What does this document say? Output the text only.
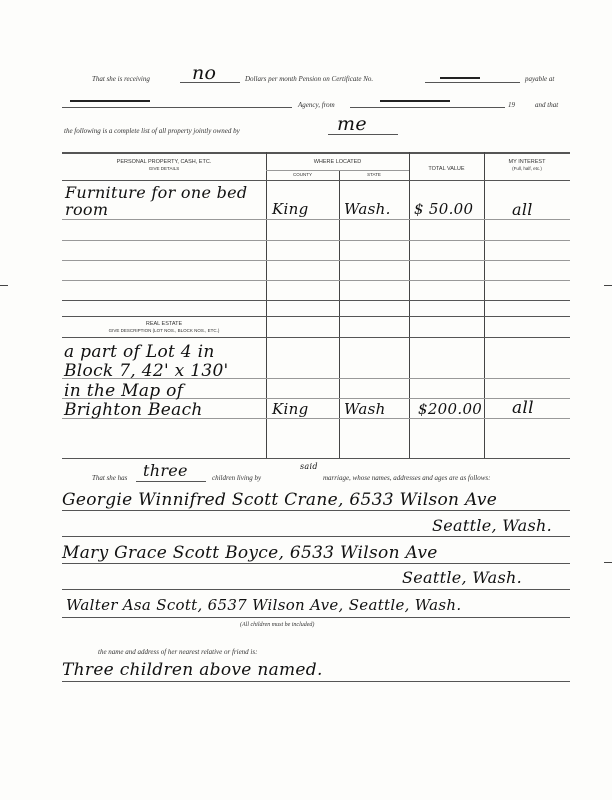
That she is receiving no	Dollars per month Pension on Certificate No.	payable at
Agency, from	19	and that
the following is a complete list of all property jointly owned by	me
PERSONAL PROPERTY, CASH, ETC.
GIVE DETAILS
WHERE LOCATED
COUNTY	STATE
TOTAL VALUE
MY INTEREST
(Full, half, etc.)
Furniture for one bed
room	King Wash. $ 50.00 all
REAL ESTATE
GIVE DESCRIPTION (LOT NOS., BLOCK NOS., ETC.)
a part of Lot 4 in
Block 7, 42' x 130'
in the Map of
Brighton Beach	King Wash $200.00 all
That she has three	children living by
said
marriage, whose names, addresses and ages are as follows:
Georgie Winnifred Scott Crane, 6533 Wilson Ave
Seattle, Wash.
Mary Grace Scott Boyce, 6533 Wilson Ave
Seattle, Wash.
Walter Asa Scott, 6537 Wilson Ave, Seattle, Wash.
(All children must be included)
the name and address of her nearest relative or friend is:
Three children above named.
